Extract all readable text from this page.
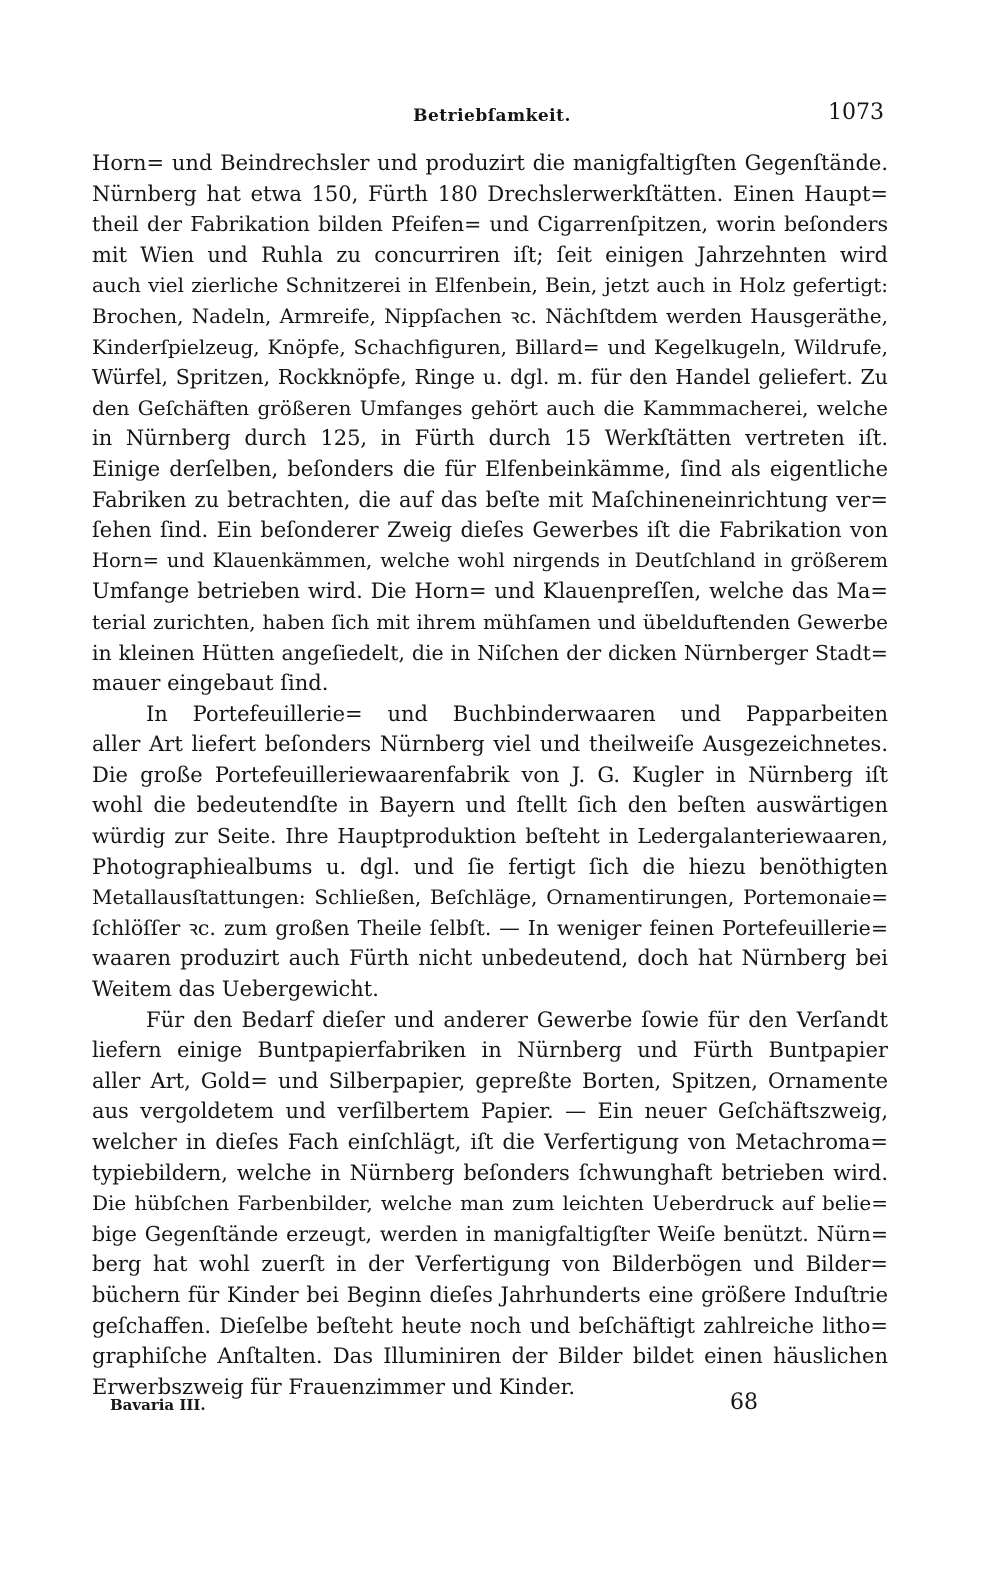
Betriebſamkeit.	1073
Horn= und Beindrechsler und produzirt die manigfaltigſten Gegenſtände.
Nürnberg hat etwa 150, Fürth 180 Drechslerwerkſtätten. Einen Haupt=
theil der Fabrikation bilden Pfeifen= und Cigarrenſpitzen, worin beſonders
mit Wien und Ruhla zu concurriren iſt; ſeit einigen Jahrzehnten wird
auch viel zierliche Schnitzerei in Elfenbein, Bein, jetzt auch in Holz gefertigt:
Brochen, Nadeln, Armreife, Nippſachen ꝛc. Nächſtdem werden Hausgeräthe,
Kinderſpielzeug, Knöpfe, Schachfiguren, Billard= und Kegelkugeln, Wildrufe,
Würfel, Spritzen, Rockknöpfe, Ringe u. dgl. m. für den Handel geliefert. Zu
den Geſchäften größeren Umfanges gehört auch die Kammmacherei, welche
in Nürnberg durch 125, in Fürth durch 15 Werkſtätten vertreten iſt.
Einige derſelben, beſonders die für Elfenbeinkämme, ſind als eigentliche
Fabriken zu betrachten, die auf das beſte mit Maſchineneinrichtung ver=
ſehen ſind. Ein beſonderer Zweig dieſes Gewerbes iſt die Fabrikation von
Horn= und Klauenkämmen, welche wohl nirgends in Deutſchland in größerem
Umfange betrieben wird. Die Horn= und Klauenpreſſen, welche das Ma=
terial zurichten, haben ſich mit ihrem mühſamen und übelduftenden Gewerbe
in kleinen Hütten angeſiedelt, die in Niſchen der dicken Nürnberger Stadt=
mauer eingebaut ſind.
In Portefeuillerie= und Buchbinderwaaren und Papparbeiten
aller Art liefert beſonders Nürnberg viel und theilweiſe Ausgezeichnetes.
Die große Portefeuilleriewaarenfabrik von J. G. Kugler in Nürnberg iſt
wohl die bedeutendſte in Bayern und ſtellt ſich den beſten auswärtigen
würdig zur Seite. Ihre Hauptproduktion beſteht in Ledergalanteriewaaren,
Photographiealbums u. dgl. und ſie fertigt ſich die hiezu benöthigten
Metallausſtattungen: Schließen, Beſchläge, Ornamentirungen, Portemonaie=
ſchlöſſer ꝛc. zum großen Theile ſelbſt. — In weniger feinen Portefeuillerie=
waaren produzirt auch Fürth nicht unbedeutend, doch hat Nürnberg bei
Weitem das Uebergewicht.
Für den Bedarf dieſer und anderer Gewerbe ſowie für den Verſandt
liefern einige Buntpapierfabriken in Nürnberg und Fürth Buntpapier
aller Art, Gold= und Silberpapier, gepreßte Borten, Spitzen, Ornamente
aus vergoldetem und verſilbertem Papier. — Ein neuer Geſchäftszweig,
welcher in dieſes Fach einſchlägt, iſt die Verfertigung von Metachroma=
typiebildern, welche in Nürnberg beſonders ſchwunghaft betrieben wird.
Die hübſchen Farbenbilder, welche man zum leichten Ueberdruck auf belie=
bige Gegenſtände erzeugt, werden in manigfaltigſter Weiſe benützt. Nürn=
berg hat wohl zuerſt in der Verfertigung von Bilderbögen und Bilder=
büchern für Kinder bei Beginn dieſes Jahrhunderts eine größere Induſtrie
geſchaffen. Dieſelbe beſteht heute noch und beſchäftigt zahlreiche litho=
graphiſche Anſtalten. Das Illuminiren der Bilder bildet einen häuslichen
Erwerbszweig für Frauenzimmer und Kinder.
Bavaria III.	68
